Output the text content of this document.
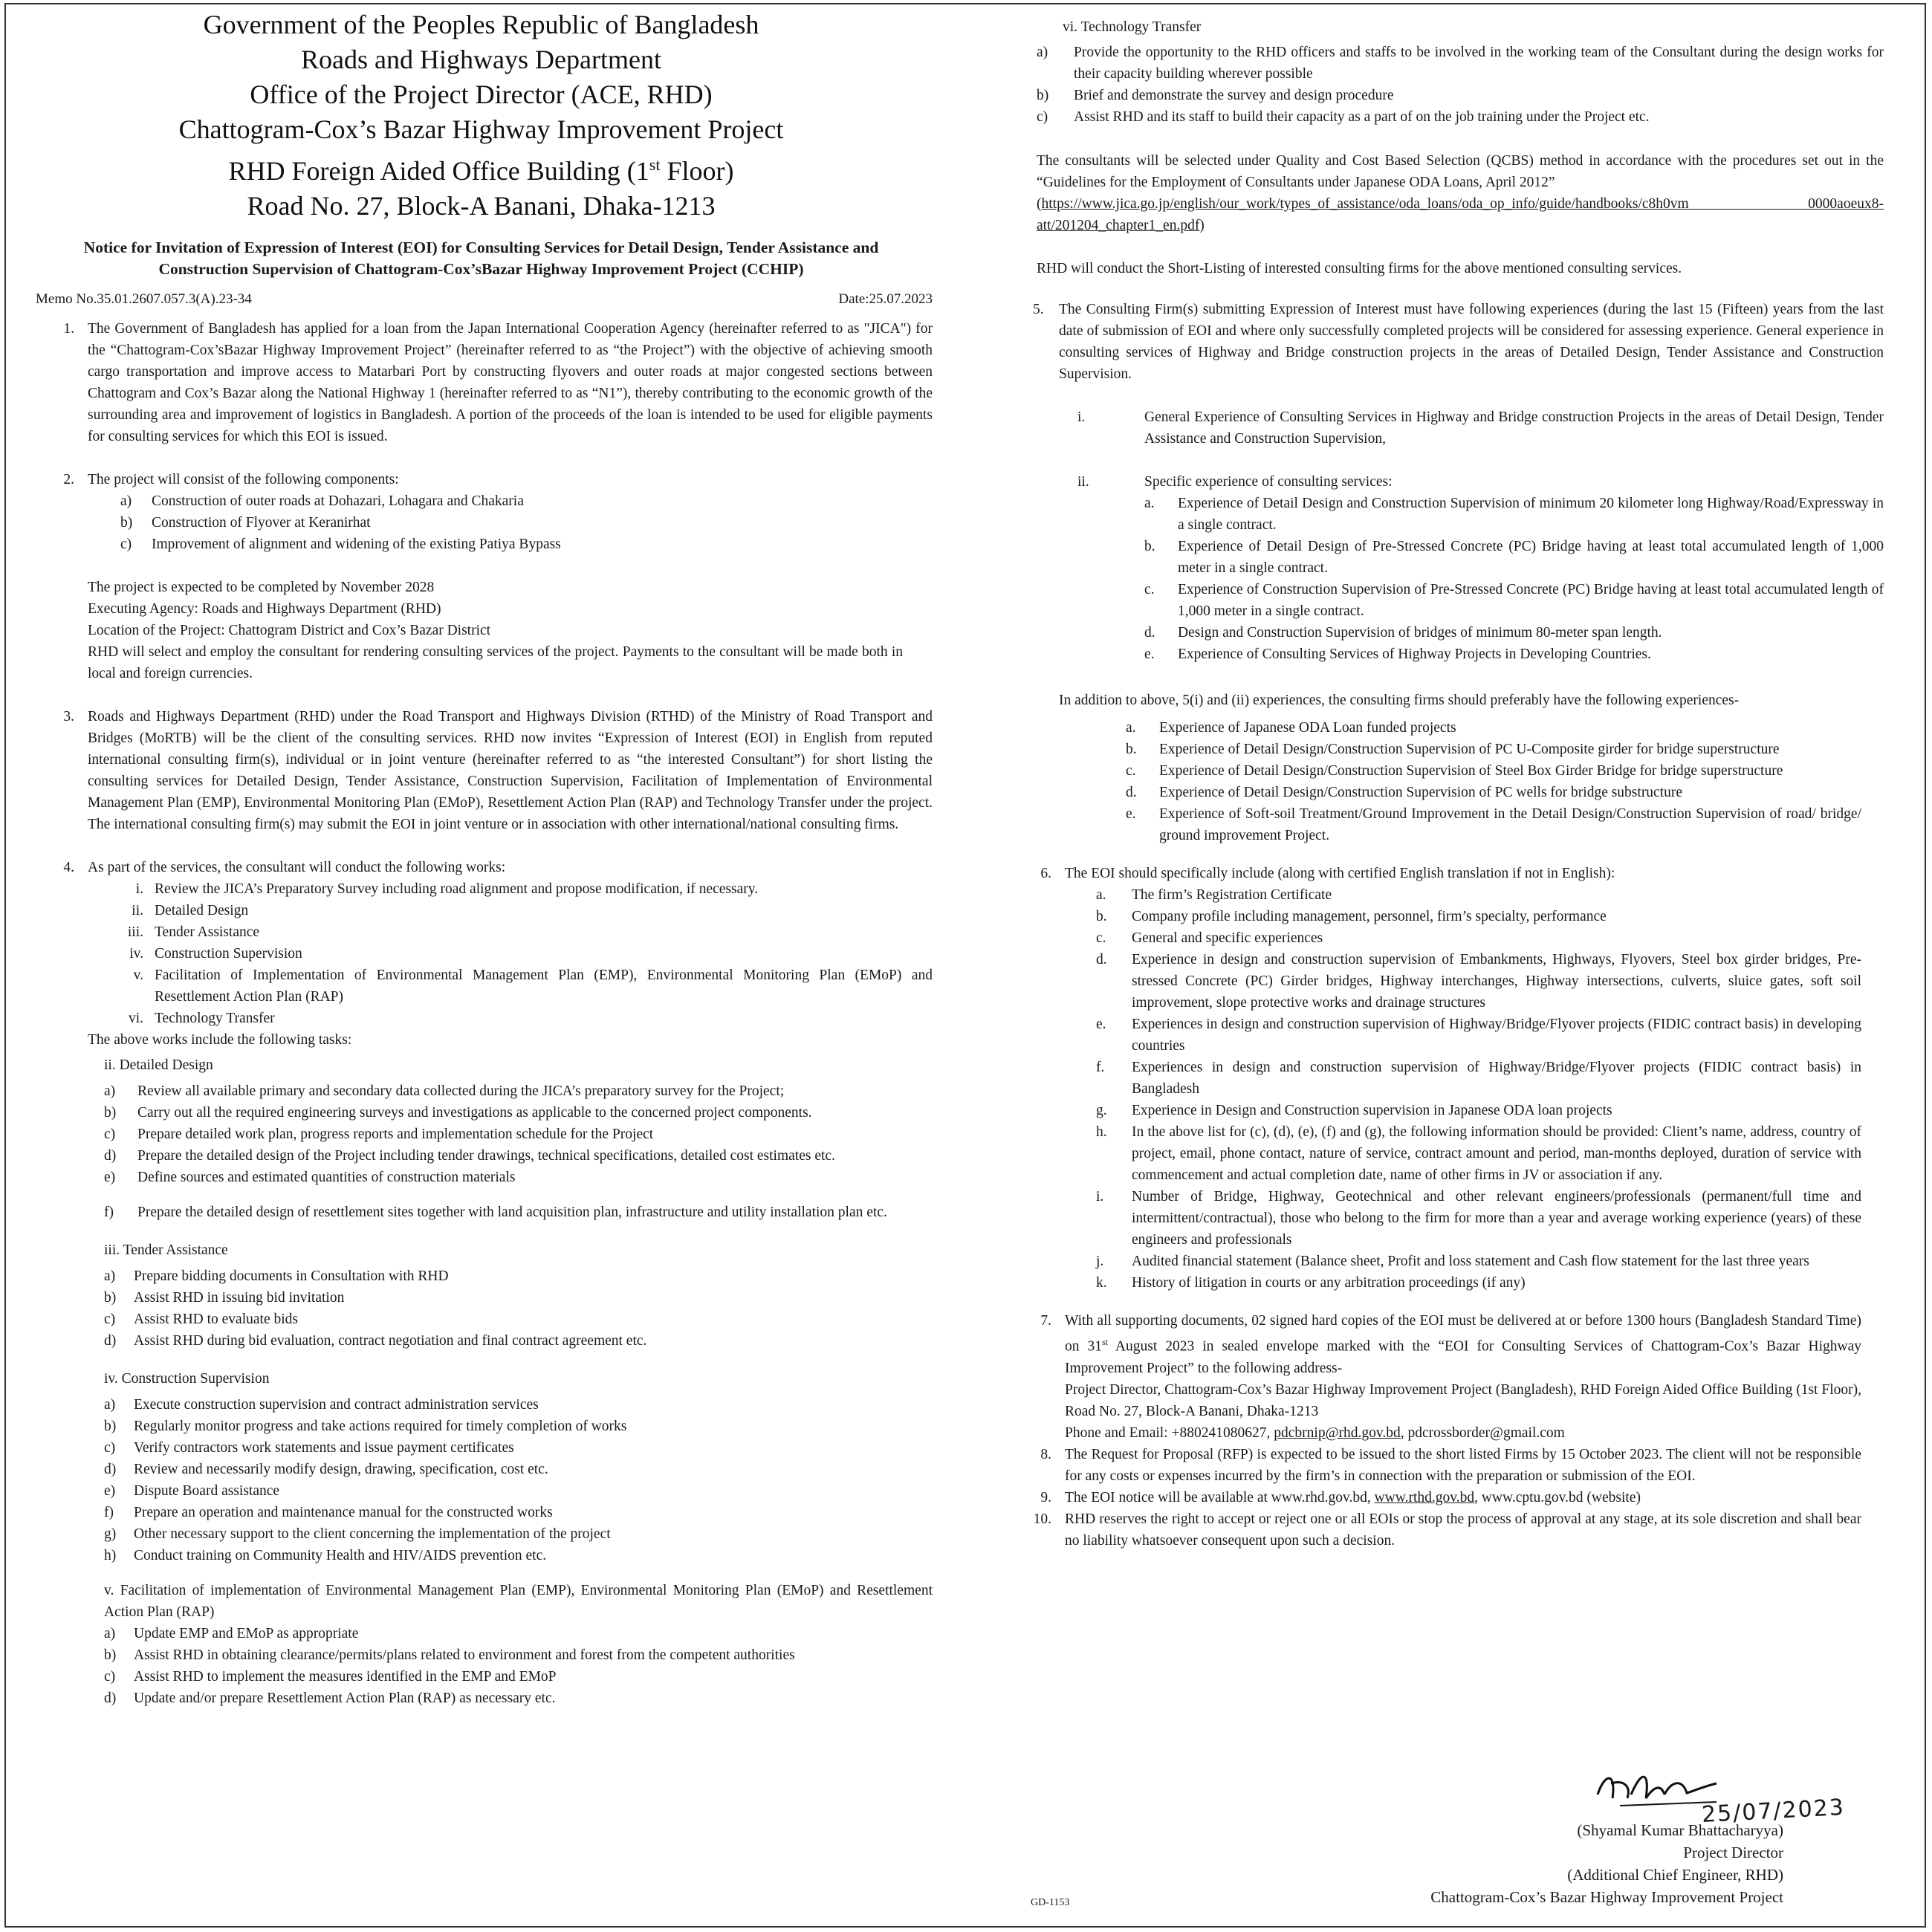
Government of the Peoples Republic of Bangladesh
Roads and Highways Department
Office of the Project Director (ACE, RHD)
Chattogram-Cox’s Bazar Highway Improvement Project
RHD Foreign Aided Office Building (1st Floor)
Road No. 27, Block-A Banani, Dhaka-1213
Notice for Invitation of Expression of Interest (EOI) for Consulting Services for Detail Design, Tender Assistance and Construction Supervision of Chattogram-Cox’sBazar Highway Improvement Project (CCHIP)
Memo No.35.01.2607.057.3(A).23-34	Date:25.07.2023
1. The Government of Bangladesh has applied for a loan from the Japan International Cooperation Agency (hereinafter referred to as "JICA") for the “Chattogram-Cox’sBazar Highway Improvement Project” (hereinafter referred to as “the Project”) with the objective of achieving smooth cargo transportation and improve access to Matarbari Port by constructing flyovers and outer roads at major congested sections between Chattogram and Cox’s Bazar along the National Highway 1 (hereinafter referred to as “N1”), thereby contributing to the economic growth of the surrounding area and improvement of logistics in Bangladesh. A portion of the proceeds of the loan is intended to be used for eligible payments for consulting services for which this EOI is issued.
2. The project will consist of the following components:
a)	Construction of outer roads at Dohazari, Lohagara and Chakaria
b)	Construction of Flyover at Keranirhat
c)	Improvement of alignment and widening of the existing Patiya Bypass
The project is expected to be completed by November 2028
Executing Agency: Roads and Highways Department (RHD)
Location of the Project: Chattogram District and Cox’s Bazar District
RHD will select and employ the consultant for rendering consulting services of the project. Payments to the consultant will be made both in local and foreign currencies.
3. Roads and Highways Department (RHD) under the Road Transport and Highways Division (RTHD) of the Ministry of Road Transport and Bridges (MoRTB) will be the client of the consulting services. RHD now invites “Expression of Interest (EOI) in English from reputed international consulting firm(s), individual or in joint venture (hereinafter referred to as “the interested Consultant”) for short listing the consulting services for Detailed Design, Tender Assistance, Construction Supervision, Facilitation of Implementation of Environmental Management Plan (EMP), Environmental Monitoring Plan (EMoP), Resettlement Action Plan (RAP) and Technology Transfer under the project. The international consulting firm(s) may submit the EOI in joint venture or in association with other international/national consulting firms.
4. As part of the services, the consultant will conduct the following works:
i. Review the JICA’s Preparatory Survey including road alignment and propose modification, if necessary.
ii. Detailed Design
iii. Tender Assistance
iv. Construction Supervision
v. Facilitation of Implementation of Environmental Management Plan (EMP), Environmental Monitoring Plan (EMoP) and Resettlement Action Plan (RAP)
vi. Technology Transfer
The above works include the following tasks:
ii. Detailed Design
a)	Review all available primary and secondary data collected during the JICA’s preparatory survey for the Project;
b)	Carry out all the required engineering surveys and investigations as applicable to the concerned project components.
c)	Prepare detailed work plan, progress reports and implementation schedule for the Project
d)	Prepare the detailed design of the Project including tender drawings, technical specifications, detailed cost estimates etc.
e)	Define sources and estimated quantities of construction materials
f)	Prepare the detailed design of resettlement sites together with land acquisition plan, infrastructure and utility installation plan etc.
iii. Tender Assistance
a)	Prepare bidding documents in Consultation with RHD
b)	Assist RHD in issuing bid invitation
c)	Assist RHD to evaluate bids
d)	Assist RHD during bid evaluation, contract negotiation and final contract agreement etc.
iv. Construction Supervision
a)	Execute construction supervision and contract administration services
b)	Regularly monitor progress and take actions required for timely completion of works
c)	Verify contractors work statements and issue payment certificates
d)	Review and necessarily modify design, drawing, specification, cost etc.
e)	Dispute Board assistance
f)	Prepare an operation and maintenance manual for the constructed works
g)	Other necessary support to the client concerning the implementation of the project
h)	Conduct training on Community Health and HIV/AIDS prevention etc.
v. Facilitation of implementation of Environmental Management Plan (EMP), Environmental Monitoring Plan (EMoP) and Resettlement Action Plan (RAP)
a)	Update EMP and EMoP as appropriate
b)	Assist RHD in obtaining clearance/permits/plans related to environment and forest from the competent authorities
c)	Assist RHD to implement the measures identified in the EMP and EMoP
d)	Update and/or prepare Resettlement Action Plan (RAP) as necessary etc.
vi. Technology Transfer
a)	Provide the opportunity to the RHD officers and staffs to be involved in the working team of the Consultant during the design works for their capacity building wherever possible
b)	Brief and demonstrate the survey and design procedure
c)	Assist RHD and its staff to build their capacity as a part of on the job training under the Project etc.
The consultants will be selected under Quality and Cost Based Selection (QCBS) method in accordance with the procedures set out in the “Guidelines for the Employment of Consultants under Japanese ODA Loans, April 2012”
(https://www.jica.go.jp/english/our_work/types_of_assistance/oda_loans/oda_op_info/guide/handbooks/c8h0vm 0000aoeux8-att/201204_chapter1_en.pdf)
RHD will conduct the Short-Listing of interested consulting firms for the above mentioned consulting services.
5.	The Consulting Firm(s) submitting Expression of Interest must have following experiences (during the last 15 (Fifteen) years from the last date of submission of EOI and where only successfully completed projects will be considered for assessing experience. General experience in consulting services of Highway and Bridge construction projects in the areas of Detailed Design, Tender Assistance and Construction Supervision.
i.	General Experience of Consulting Services in Highway and Bridge construction Projects in the areas of Detail Design, Tender Assistance and Construction Supervision,
ii.	Specific experience of consulting services:
a.	Experience of Detail Design and Construction Supervision of minimum 20 kilometer long Highway/Road/Expressway in a single contract.
b.	Experience of Detail Design of Pre-Stressed Concrete (PC) Bridge having at least total accumulated length of 1,000 meter in a single contract.
c.	Experience of Construction Supervision of Pre-Stressed Concrete (PC) Bridge having at least total accumulated length of 1,000 meter in a single contract.
d.	Design and Construction Supervision of bridges of minimum 80-meter span length.
e.	Experience of Consulting Services of Highway Projects in Developing Countries.
In addition to above, 5(i) and (ii) experiences, the consulting firms should preferably have the following experiences-
a.	Experience of Japanese ODA Loan funded projects
b.	Experience of Detail Design/Construction Supervision of PC U-Composite girder for bridge superstructure
c.	Experience of Detail Design/Construction Supervision of Steel Box Girder Bridge for bridge superstructure
d.	Experience of Detail Design/Construction Supervision of PC wells for bridge substructure
e.	Experience of Soft-soil Treatment/Ground Improvement in the Detail Design/Construction Supervision of road/ bridge/ ground improvement Project.
6. The EOI should specifically include (along with certified English translation if not in English):
a.	The firm’s Registration Certificate
b.	Company profile including management, personnel, firm’s specialty, performance
c.	General and specific experiences
d.	Experience in design and construction supervision of Embankments, Highways, Flyovers, Steel box girder bridges, Pre-stressed Concrete (PC) Girder bridges, Highway interchanges, Highway intersections, culverts, sluice gates, soft soil improvement, slope protective works and drainage structures
e.	Experiences in design and construction supervision of Highway/Bridge/Flyover projects (FIDIC contract basis) in developing countries
f.	Experiences in design and construction supervision of Highway/Bridge/Flyover projects (FIDIC contract basis) in Bangladesh
g.	Experience in Design and Construction supervision in Japanese ODA loan projects
h.	In the above list for (c), (d), (e), (f) and (g), the following information should be provided: Client’s name, address, country of project, email, phone contact, nature of service, contract amount and period, man-months deployed, duration of service with commencement and actual completion date, name of other firms in JV or association if any.
i.	Number of Bridge, Highway, Geotechnical and other relevant engineers/professionals (permanent/full time and intermittent/contractual), those who belong to the firm for more than a year and average working experience (years) of these engineers and professionals
j.	Audited financial statement (Balance sheet, Profit and loss statement and Cash flow statement for the last three years
k.	History of litigation in courts or any arbitration proceedings (if any)
7. With all supporting documents, 02 signed hard copies of the EOI must be delivered at or before 1300 hours (Bangladesh Standard Time) on 31st August 2023 in sealed envelope marked with the “EOI for Consulting Services of Chattogram-Cox’s Bazar Highway Improvement Project” to the following address-
Project Director, Chattogram-Cox’s Bazar Highway Improvement Project (Bangladesh), RHD Foreign Aided Office Building (1st Floor), Road No. 27, Block-A Banani, Dhaka-1213
Phone and Email: +880241080627, pdcbrnip@rhd.gov.bd, pdcrossborder@gmail.com
8. The Request for Proposal (RFP) is expected to be issued to the short listed Firms by 15 October 2023. The client will not be responsible for any costs or expenses incurred by the firm’s in connection with the preparation or submission of the EOI.
9. The EOI notice will be available at www.rhd.gov.bd, www.rthd.gov.bd, www.cptu.gov.bd (website)
10. RHD reserves the right to accept or reject one or all EOIs or stop the process of approval at any stage, at its sole discretion and shall bear no liability whatsoever consequent upon such a decision.
25/07/2023
(Shyamal Kumar Bhattacharyya)
Project Director
(Additional Chief Engineer, RHD)
Chattogram-Cox’s Bazar Highway Improvement Project
GD-1153
